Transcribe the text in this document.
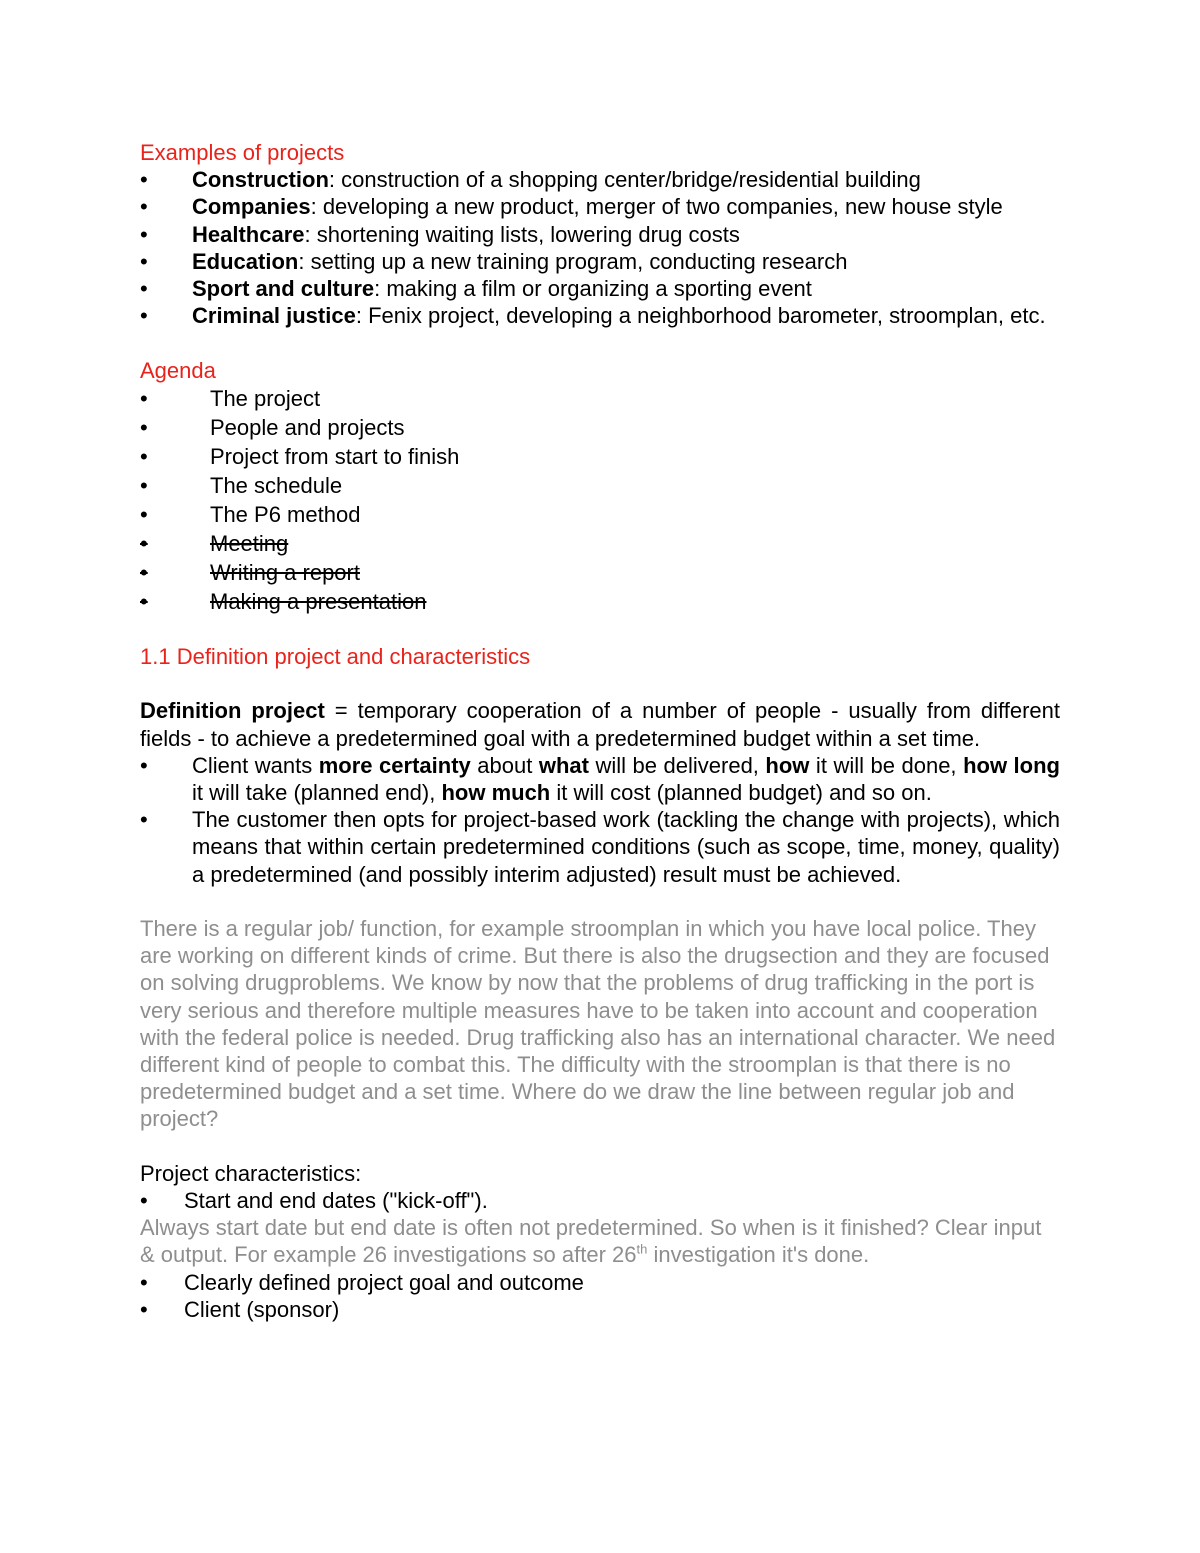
Examples of projects

•	Construction: construction of a shopping center/bridge/residential building
•	Companies: developing a new product, merger of two companies, new house style
•	Healthcare: shortening waiting lists, lowering drug costs
•	Education: setting up a new training program, conducting research
•	Sport and culture: making a film or organizing a sporting event
•	Criminal justice: Fenix project, developing a neighborhood barometer, stroomplan, etc.

Agenda

•	The project
•	People and projects
•	Project from start to finish
•	The schedule
•	The P6 method
•	Meeting
•	Writing a report
•	Making a presentation

1.1 Definition project and characteristics

Definition project = temporary cooperation of a number of people - usually from different fields - to achieve a predetermined goal with a predetermined budget within a set time.

•	Client wants more certainty about what will be delivered, how it will be done, how long it will take (planned end), how much it will cost (planned budget) and so on.
•	The customer then opts for project-based work (tackling the change with projects), which means that within certain predetermined conditions (such as scope, time, money, quality) a predetermined (and possibly interim adjusted) result must be achieved.

There is a regular job/ function, for example stroomplan in which you have local police. They are working on different kinds of crime. But there is also the drugsection and they are focused on solving drugproblems. We know by now that the problems of drug trafficking in the port is very serious and therefore multiple measures have to be taken into account and cooperation with the federal police is needed. Drug trafficking also has an international character. We need different kind of people to combat this. The difficulty with the stroomplan is that there is no predetermined budget and a set time. Where do we draw the line between regular job and project?

Project characteristics:

•	Start and end dates ("kick-off").

Always start date but end date is often not predetermined. So when is it finished? Clear input & output. For example 26 investigations so after 26th investigation it's done.

•	Clearly defined project goal and outcome
•	Client (sponsor)
